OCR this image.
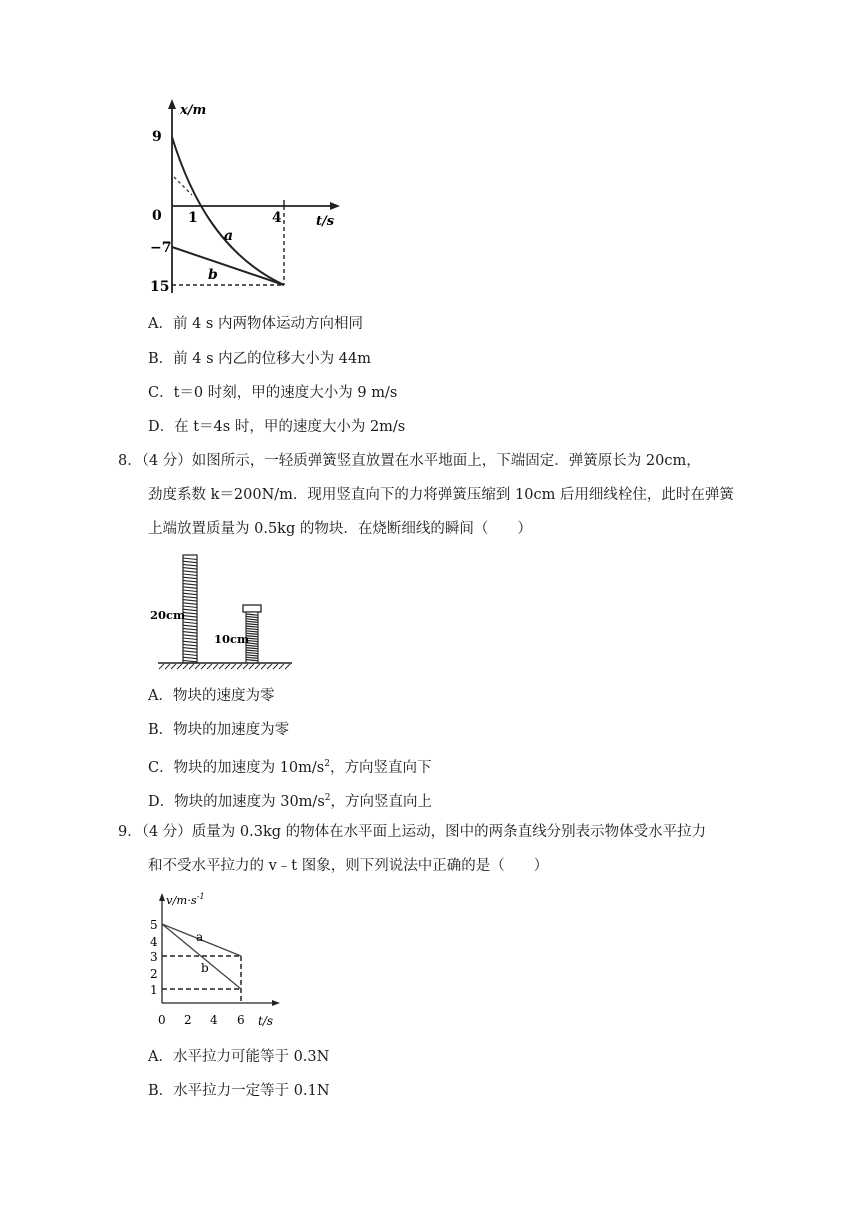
x/m
t/s
9
0
−7
15
1	4
a
b
A．前 4 s 内两物体运动方向相同
B．前 4 s 内乙的位移大小为 44m
C．t＝0 时刻，甲的速度大小为 9 m/s
D．在 t＝4s 时，甲的速度大小为 2m/s
8．（4 分）如图所示，一轻质弹簧竖直放置在水平地面上，下端固定．弹簧原长为 20cm，
劲度系数 k＝200N/m．现用竖直向下的力将弹簧压缩到 10cm 后用细线栓住，此时在弹簧
上端放置质量为 0.5kg 的物块．在烧断细线的瞬间（　　）
20cm
10cm
A．物块的速度为零
B．物块的加速度为零
C．物块的加速度为 $10m/s^2$，方向竖直向下
D．物块的加速度为 $30m/s^2$，方向竖直向上
9．（4 分）质量为 0.3kg 的物体在水平面上运动，图中的两条直线分别表示物体受水平拉力
和不受水平拉力的 v﹣t 图象，则下列说法中正确的是（　　）
$v/m\cdot s^{-1}$
t/s
5
4
3
2
1
0 2 4 6
a
b
A．水平拉力可能等于 0.3N
B．水平拉力一定等于 0.1N
